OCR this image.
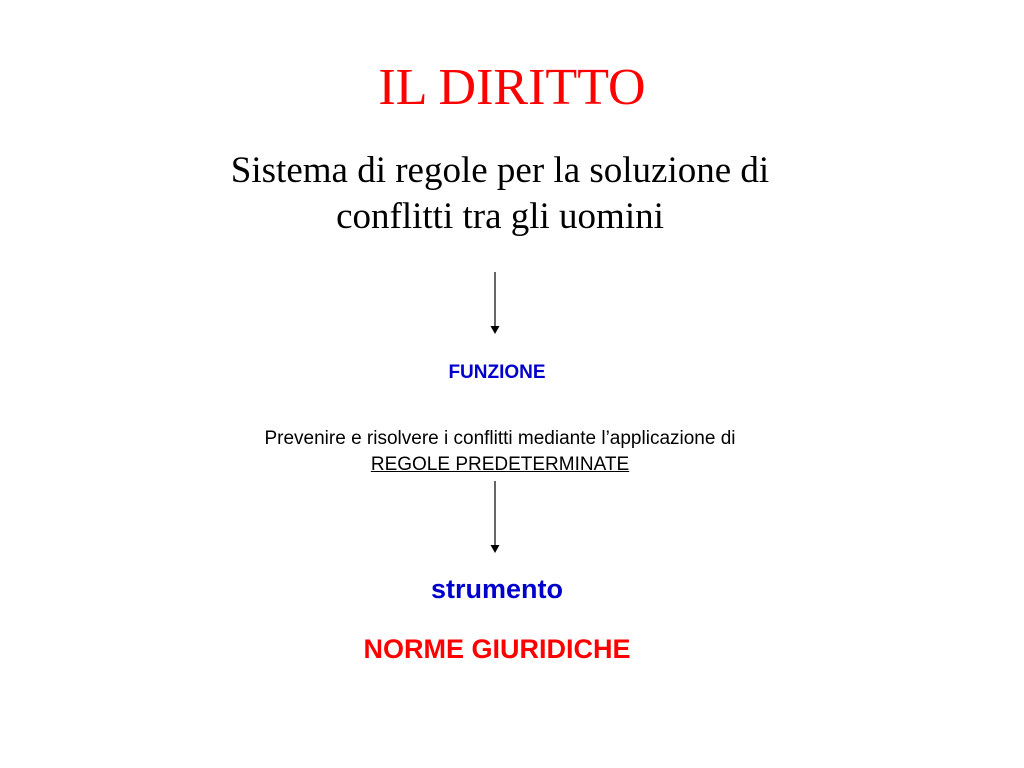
IL DIRITTO
Sistema di regole per la soluzione di
conflitti tra gli uomini
FUNZIONE
Prevenire e risolvere i conflitti mediante l’applicazione di
REGOLE PREDETERMINATE
strumento
NORME GIURIDICHE
